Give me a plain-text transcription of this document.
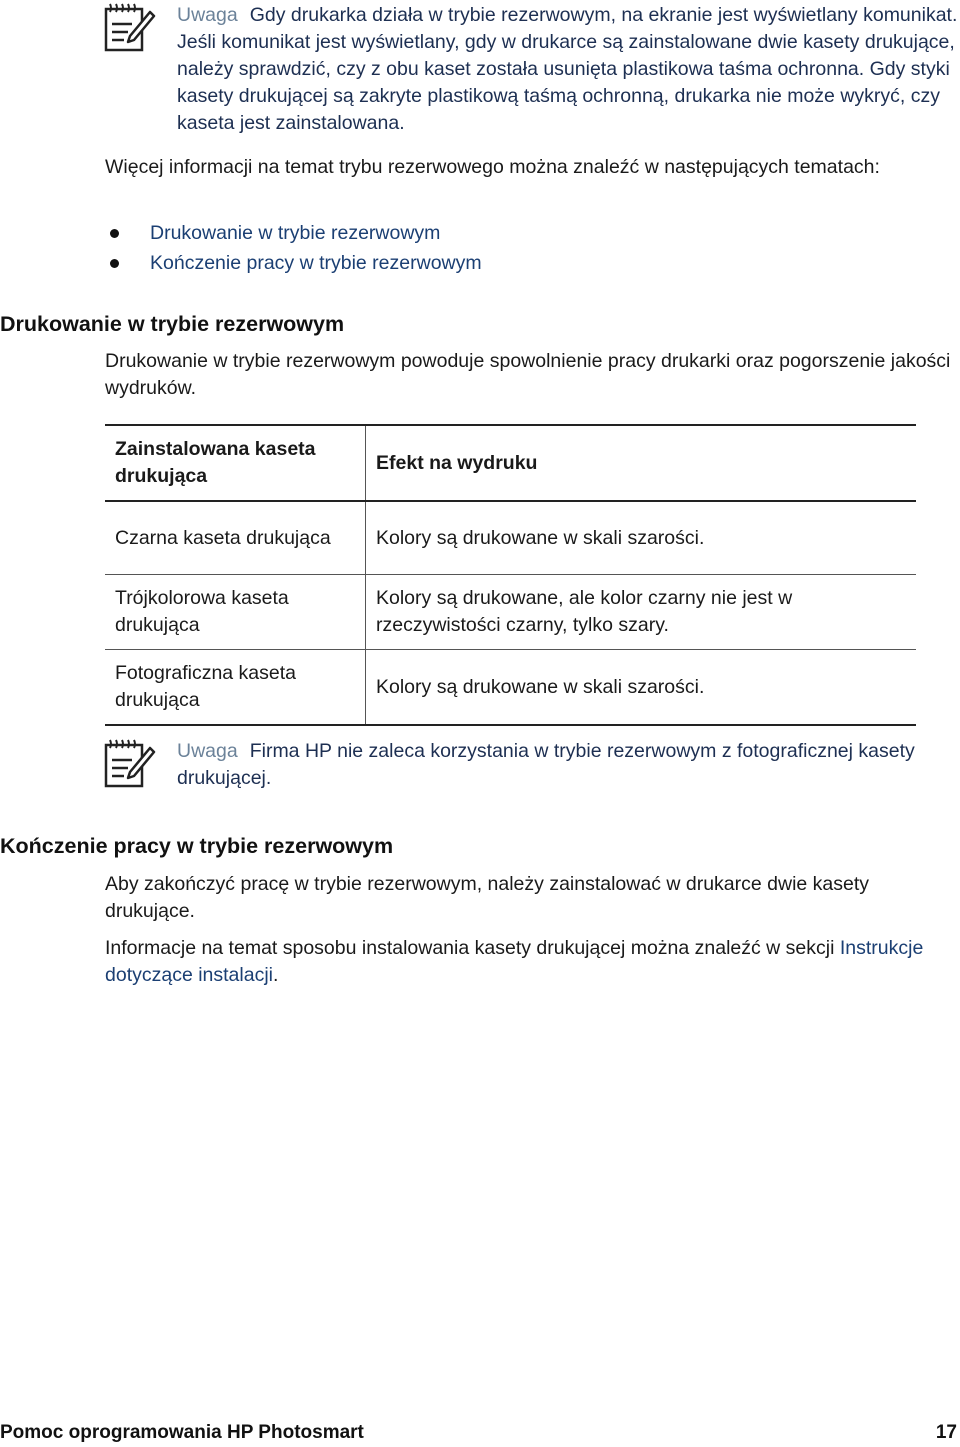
Uwaga Gdy drukarka działa w trybie rezerwowym, na ekranie jest wyświetlany komunikat. Jeśli komunikat jest wyświetlany, gdy w drukarce są zainstalowane dwie kasety drukujące, należy sprawdzić, czy z obu kaset została usunięta plastikowa taśma ochronna. Gdy styki kasety drukującej są zakryte plastikową taśmą ochronną, drukarka nie może wykryć, czy kaseta jest zainstalowana.

Więcej informacji na temat trybu rezerwowego można znaleźć w następujących tematach:

Drukowanie w trybie rezerwowym
Kończenie pracy w trybie rezerwowym
Drukowanie w trybie rezerwowym

Drukowanie w trybie rezerwowym powoduje spowolnienie pracy drukarki oraz pogorszenie jakości wydruków.

Zainstalowana kaseta drukująca	Efekt na wydruku
Czarna kaseta drukująca	Kolory są drukowane w skali szarości.
Trójkolorowa kaseta drukująca	Kolory są drukowane, ale kolor czarny nie jest w rzeczywistości czarny, tylko szary.
Fotograficzna kaseta drukująca	Kolory są drukowane w skali szarości.
Uwaga Firma HP nie zaleca korzystania w trybie rezerwowym z fotograficznej kasety drukującej.
Kończenie pracy w trybie rezerwowym

Aby zakończyć pracę w trybie rezerwowym, należy zainstalować w drukarce dwie kasety drukujące.

Informacje na temat sposobu instalowania kasety drukującej można znaleźć w sekcji Instrukcje dotyczące instalacji.

Pomoc oprogramowania HP Photosmart	17
